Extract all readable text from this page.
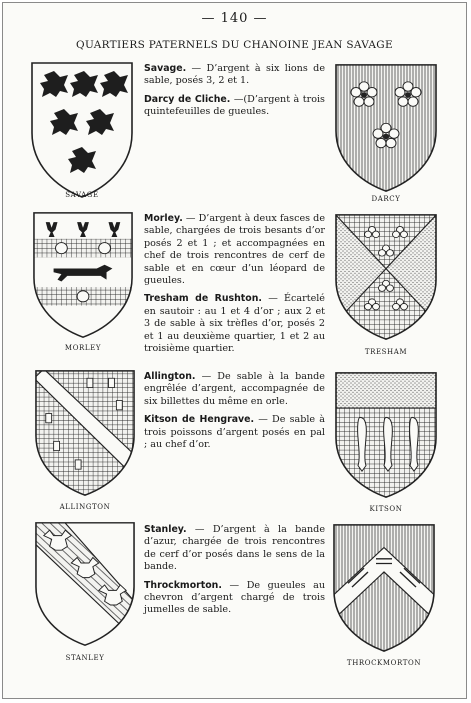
— 140 —
QUARTIERS PATERNELS DU CHANOINE JEAN SAVAGE
SAVAGE

Savage. — D’argent à six lions de sable, posés 3, 2 et 1.

Darcy de Cliche. —(D’argent à trois quintefeuilles de gueules.

DARCY
MORLEY

Morley. — D’argent à deux fasces de sable, chargées de trois besants d’or posés 2 et 1 ; et accompagnées en chef de trois rencontres de cerf de sable et en cœur d’un léopard de gueules.

Tresham de Rushton. — Écartelé en sautoir : au 1 et 4 d’or ; aux 2 et 3 de sable à six trèfles d’or, posés 2 et 1 au deuxième quartier, 1 et 2 au troisième quartier.	TRESHAM
ALLINGTON

Allington. — De sable à la bande engrêlée d’argent, accompagnée de six billettes du même en orle.

Kitson de Hengrave. — De sable à trois poissons d’argent posés en pal ; au chef d’or.

KITSON
STANLEY

Stanley. — D’argent à la bande d’azur, chargée de trois rencontres de cerf d’or posés dans le sens de la bande.

Throckmorton. — De gueules au chevron d’argent chargé de trois jumelles de sable.

THROCKMORTON
